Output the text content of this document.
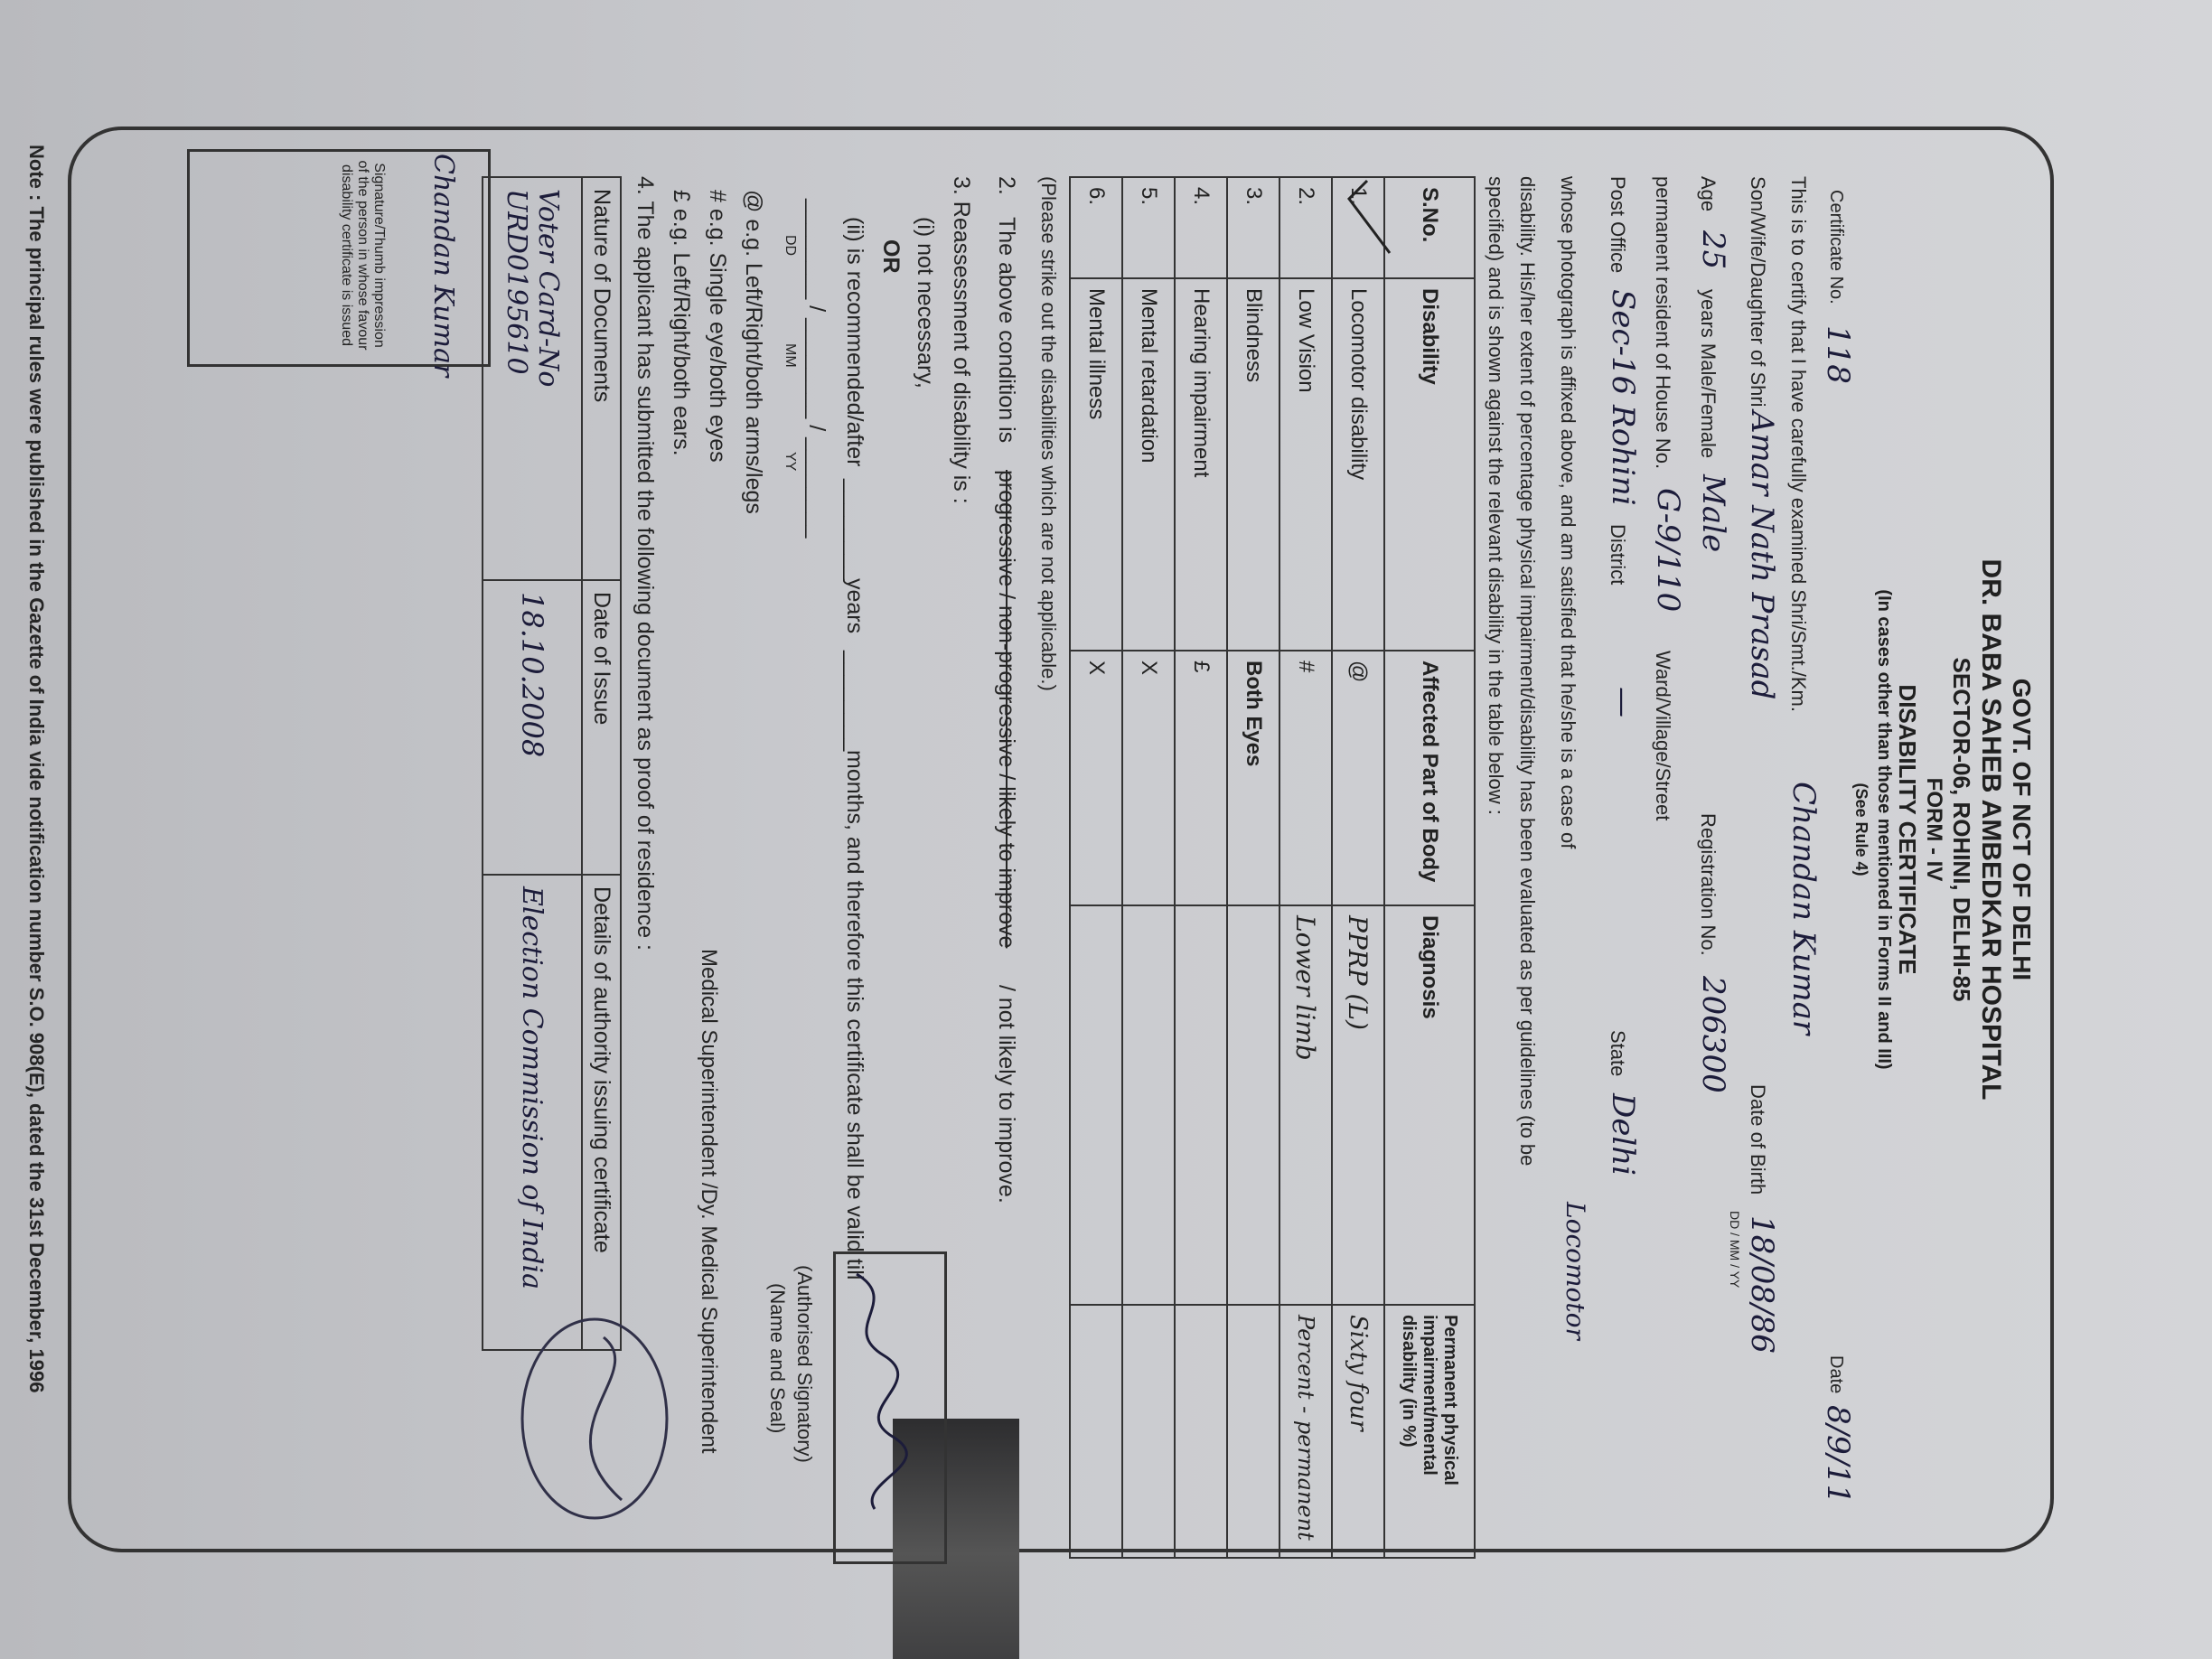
GOVT. OF NCT OF DELHI
DR. BABA SAHEB AMBEDKAR HOSPITAL
SECTOR-06, ROHINI, DELHI-85
FORM - IV
DISABILITY CERTIFICATE
(In cases other than those mentioned in Forms II and III)
(See Rule 4)
Certificate No.
118
Date
8/9/11
This is to certify that I have carefully examined Shri/Smt./Km.
Chandan Kumar
Son/Wife/Daughter of Shri
Amar Nath Prasad
Date of Birth
18/08/86
DD / MM / YY
Age
25
years Male/Female
Male
Registration No.
206300
permanent resident of House No.
G-9/110
Ward/Village/Street
Post Office
Sec-16 Rohini
District
—
State
Delhi
whose photograph is affixed above, and am satisfied that he/she is a case of
Locomotor
disability. His/her extent of percentage physical impairment/disability has been evaluated as per guidelines (to be
specified) and is shown against the relevant disability in the table below :
S.No.	Disability	Affected Part of Body	Diagnosis	Permanent physical impairment/mental disability (in %)
1.	Locomotor disability	@	PPRP (L)	Sixty four
2.	Low Vision	#	Lower limb	Percent - permanent
3.	Blindness	Both Eyes		
4.	Hearing impairment	£		
5.	Mental retardation	X		
6.	Mental illness	X		
(Please strike out the disabilities which are not applicable.)
2.
The above condition is
progressive / non-progressive / likely to improve
/ not likely to improve.
3. Reassessment of disability is :
(i) not necessary,
OR
(ii) is recommended/after
________
years
________
months, and therefore this certificate shall be valid till
________ / ________ / ________
DD
MM
YY
@ e.g. Left/Right/both arms/legs
# e.g. Single eye/both eyes
£ e.g. Left/Right/both ears.
4. The applicant has submitted the following document as proof of residence :
Nature of Documents	Date of Issue	Details of authority issuing certificate
Voter Card-No URD0195610	18.10.2008	Election Commission of India
(Authorised Signatory)
(Name and Seal)
Medical Superintendent /Dy. Medical Superintendent
Chandan Kumar
Signature/Thumb impression of the person in whose favour disability certificate is issued
Note : The principal rules were published in the Gazette of India vide notification number S.O. 908(E), dated the 31st December, 1996
